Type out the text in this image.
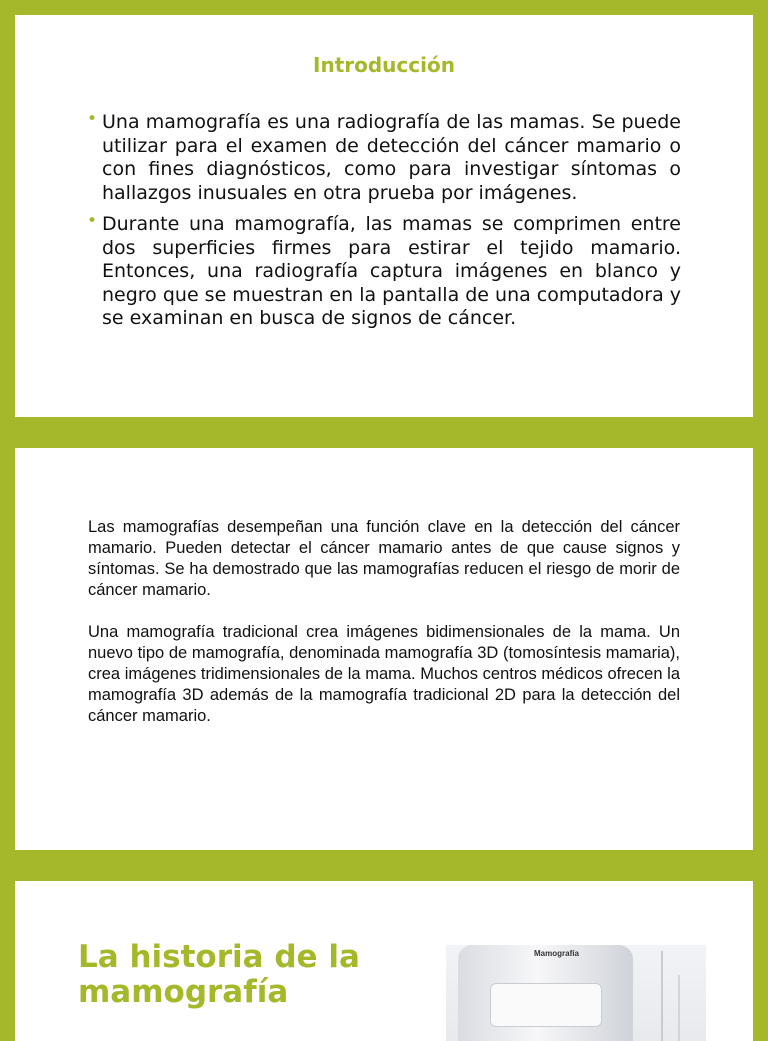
Introducción
• Una mamografía es una radiografía de las mamas. Se puede utilizar para el examen de detección del cáncer mamario o con fines diagnósticos, como para investigar síntomas o hallazgos inusuales en otra prueba por imágenes.
• Durante una mamografía, las mamas se comprimen entre dos superficies firmes para estirar el tejido mamario. Entonces, una radiografía captura imágenes en blanco y negro que se muestran en la pantalla de una computadora y se examinan en busca de signos de cáncer.

Las mamografías desempeñan una función clave en la detección del cáncer mamario. Pueden detectar el cáncer mamario antes de que cause signos y síntomas. Se ha demostrado que las mamografías reducen el riesgo de morir de cáncer mamario.

Una mamografía tradicional crea imágenes bidimensionales de la mama. Un nuevo tipo de mamografía, denominada mamografía 3D (tomosíntesis mamaria), crea imágenes tridimensionales de la mama. Muchos centros médicos ofrecen la mamografía 3D además de la mamografía tradicional 2D para la detección del cáncer mamario.

La historia de la mamografía
Mamografía
